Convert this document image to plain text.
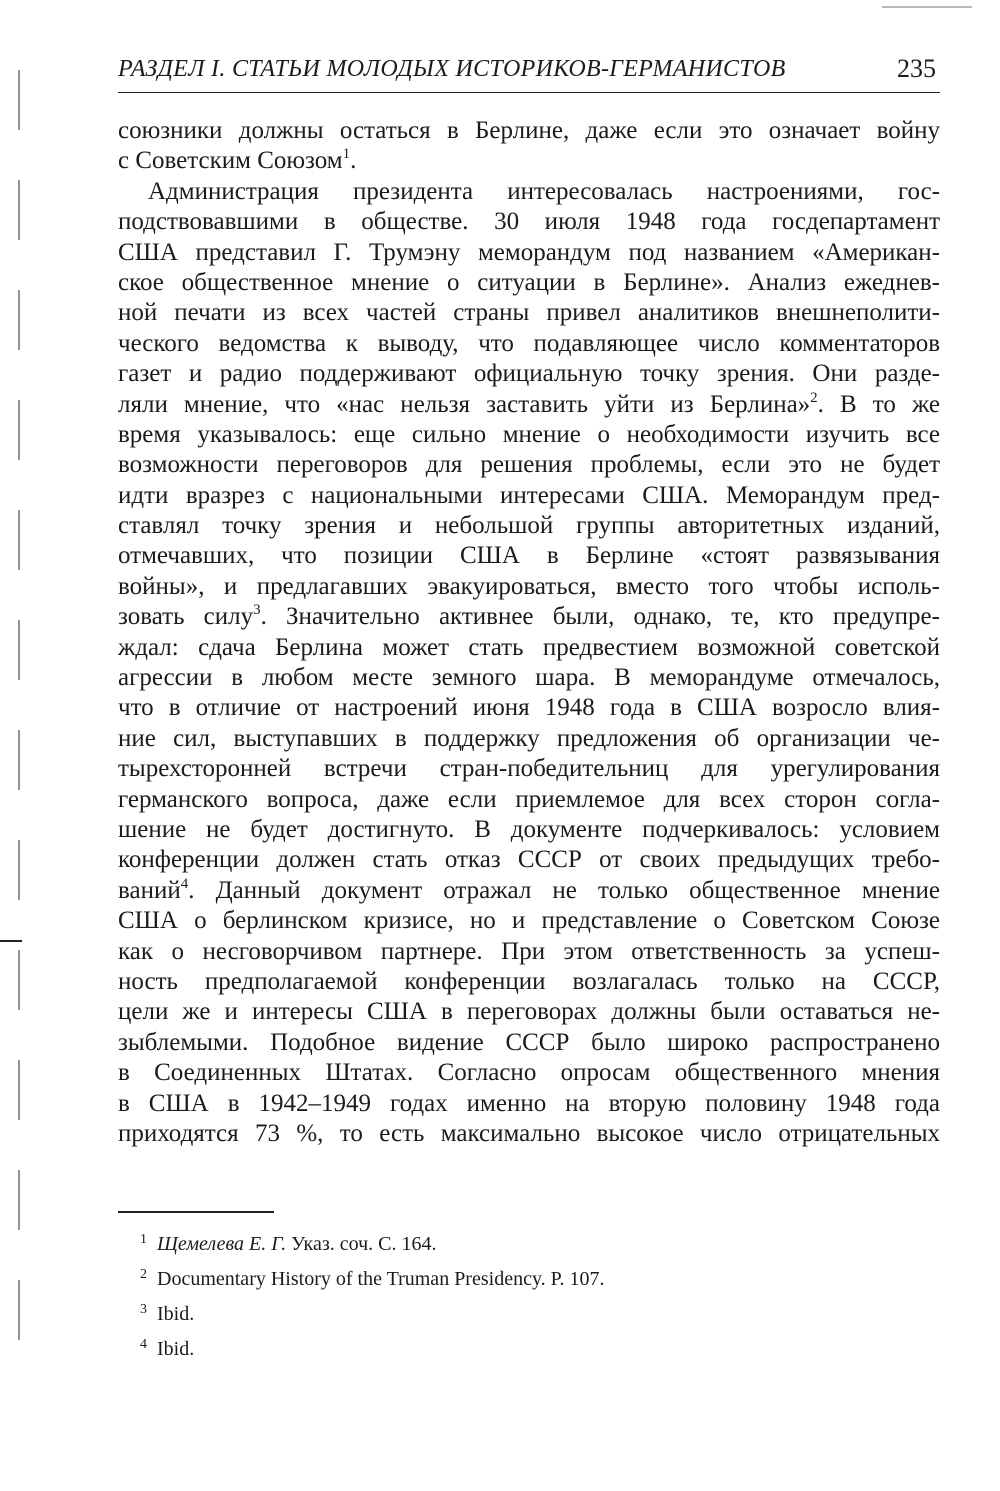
РАЗДЕЛ I. СТАТЬИ МОЛОДЫХ ИСТОРИКОВ-ГЕРМАНИСТОВ	235
союзники должны остаться в Берлине, даже если это означает войну
с Советским Союзом$^1$.
Администрация президента интересовалась настроениями, гос-
подствовавшими в обществе. 30 июля 1948 года госдепартамент
США представил Г. Трумэну меморандум под названием «Американ-
ское общественное мнение о ситуации в Берлине». Анализ ежеднев-
ной печати из всех частей страны привел аналитиков внешнеполити-
ческого ведомства к выводу, что подавляющее число комментаторов
газет и радио поддерживают официальную точку зрения. Они разде-
ляли мнение, что «нас нельзя заставить уйти из Берлина»$^2$. В то же
время указывалось: еще сильно мнение о необходимости изучить все
возможности переговоров для решения проблемы, если это не будет
идти вразрез с национальными интересами США. Меморандум пред-
ставлял точку зрения и небольшой группы авторитетных изданий,
отмечавших, что позиции США в Берлине «стоят развязывания
войны», и предлагавших эвакуироваться, вместо того чтобы исполь-
зовать силу$^3$. Значительно активнее были, однако, те, кто предупре-
ждал: сдача Берлина может стать предвестием возможной советской
агрессии в любом месте земного шара. В меморандуме отмечалось,
что в отличие от настроений июня 1948 года в США возросло влия-
ние сил, выступавших в поддержку предложения об организации че-
тырехсторонней встречи стран-победительниц для урегулирования
германского вопроса, даже если приемлемое для всех сторон согла-
шение не будет достигнуто. В документе подчеркивалось: условием
конференции должен стать отказ СССР от своих предыдущих требо-
ваний$^4$. Данный документ отражал не только общественное мнение
США о берлинском кризисе, но и представление о Советском Союзе
как о несговорчивом партнере. При этом ответственность за успеш-
ность предполагаемой конференции возлагалась только на СССР,
цели же и интересы США в переговорах должны были оставаться не-
зыблемыми. Подобное видение СССР было широко распространено
в Соединенных Штатах. Согласно опросам общественного мнения
в США в 1942–1949 годах именно на вторую половину 1948 года
приходятся 73 %, то есть максимально высокое число отрицательных
$^1$ Щемелева Е. Г. Указ. соч. С. 164.
$^2$ Documentary History of the Truman Presidency. P. 107.
$^3$ Ibid.
$^4$ Ibid.
